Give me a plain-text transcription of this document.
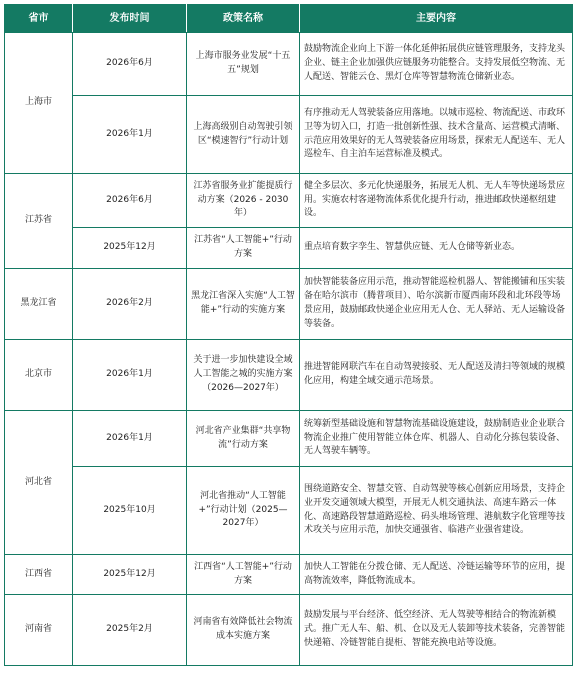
省市	发布时间	政策名称	主要内容
上海市	2026年6月	上海市服务业发展“十五五”规划	鼓励物流企业向上下游一体化延伸拓展供应链管理服务，支持龙头企业、链主企业加强供应链服务功能整合。支持发展低空物流、无人配送、智能云仓、黑灯仓库等智慧物流仓储新业态。
	2026年1月	上海高级别自动驾驶引领区“模速智行”行动计划	有序推动无人驾驶装备应用落地。以城市巡检、物流配送、市政环卫等为切入口，打造一批创新性强、技术含量高、运营模式清晰、示范应用效果好的无人驾驶装备应用场景，探索无人配送车、无人巡检车、自主泊车运营标准及模式。
江苏省	2026年6月	江苏省服务业扩能提质行动方案（2026 - 2030年）	健全多层次、多元化快递服务，拓展无人机、无人车等快递场景应用。实施农村客递物流体系优化提升行动，推进邮政快递枢纽建设。
	2025年12月	江苏省“人工智能+”行动方案	重点培育数字孪生、智慧供应链、无人仓储等新业态。
黑龙江省	2026年2月	黑龙江省深入实施“人工智能+”行动的实施方案	加快智能装备应用示范，推动智能巡检机器人、智能搬铺和压实装备在哈尔滨市（腾普项目）、哈尔滨新市厦西南环段和北环段等场景应用，鼓励邮政快递企业应用无人仓、无人驿站、无人运输设备等装备。
北京市	2026年1月	关于进一步加快建设全域人工智能之城的实施方案（2026—2027年）	推进智能网联汽车在自动驾驶接驳、无人配送及清扫等领域的规模化应用，构建全域交通示范场景。
河北省	2026年1月	河北省产业集群“共享物流”行动方案	统筹新型基础设施和智慧物流基础设施建设，鼓励制造业企业联合物流企业推广使用智能立体仓库、机器人、自动化分拣包装设备、无人驾驶车辆等。
	2025年10月	河北省推动“人工智能+”行动计划（2025—2027年）	围绕道路安全、智慧交管、自动驾驶等核心创新应用场景，支持企业开发交通领域大模型，开展无人机交通执法、高速车路云一体化、高速路段智慧道路巡检、码头堆场管理、港航数字化管理等技术攻关与应用示范，加快交通强省、临港产业强省建设。
江西省	2025年12月	江西省“人工智能+”行动方案	加快人工智能在分拨仓储、无人配送、冷链运输等环节的应用，提高物流效率，降低物流成本。
河南省	2025年2月	河南省有效降低社会物流成本实施方案	鼓励发展与平台经济、低空经济、无人驾驶等相结合的物流新模式。推广无人车、船、机、仓以及无人装卸等技术装备，完善智能快递箱、冷链智能自提柜、智能充换电站等设施。
